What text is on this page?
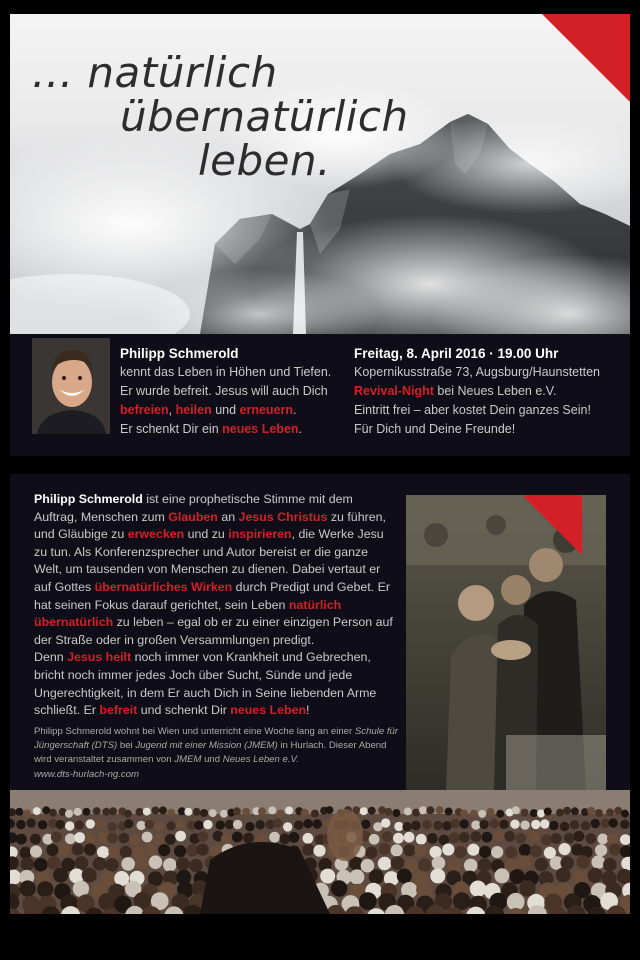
... natürlich
übernatürlich
leben.
Philipp Schmerold
kennt das Leben in Höhen und Tiefen.
Er wurde befreit. Jesus will auch Dich
befreien, heilen und erneuern.
Er schenkt Dir ein neues Leben.
Freitag, 8. April 2016 · 19.00 Uhr
Kopernikusstraße 73, Augsburg/Haunstetten
Revival-Night bei Neues Leben e.V.
Eintritt frei – aber kostet Dein ganzes Sein!
Für Dich und Deine Freunde!
Philipp Schmerold ist eine prophetische Stimme mit dem Auftrag, Menschen zum Glauben an Jesus Christus zu führen, und Gläubige zu erwecken und zu inspirieren, die Werke Jesu zu tun. Als Konferenzsprecher und Autor bereist er die ganze Welt, um tausenden von Menschen zu dienen. Dabei vertaut er auf Gottes übernatürliches Wirken durch Predigt und Gebet. Er hat seinen Fokus darauf gerichtet, sein Leben natürlich übernatürlich zu leben – egal ob er zu einer einzigen Person auf der Straße oder in großen Versammlungen predigt.
Denn Jesus heilt noch immer von Krankheit und Gebrechen, bricht noch immer jedes Joch über Sucht, Sünde und jede Ungerechtigkeit, in dem Er auch Dich in Seine liebenden Arme schließt. Er befreit und schenkt Dir neues Leben!
Philipp Schmerold wohnt bei Wien und unterricht eine Woche lang an einer Schule für Jüngerschaft (DTS) bei Jugend mit einer Mission (JMEM) in Hurlach. Dieser Abend wird veranstaltet zusammen von JMEM und Neues Leben e.V.
www.dts-hurlach-ng.com
